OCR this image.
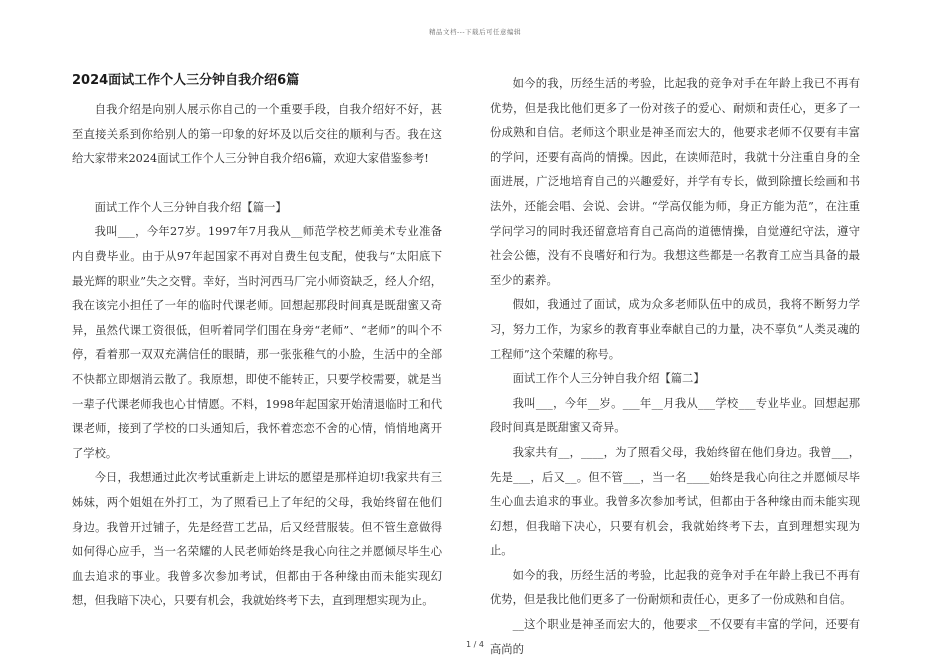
精品文档---下载后可任意编辑
2024面试工作个人三分钟自我介绍6篇

自我介绍是向别人展示你自己的一个重要手段，自我介绍好不好，甚至直接关系到你给别人的第一印象的好坏及以后交往的顺利与否。我在这给大家带来2024面试工作个人三分钟自我介绍6篇，欢迎大家借鉴参考!

面试工作个人三分钟自我介绍【篇一】

我叫___，今年27岁。1997年7月我从__师范学校艺师美术专业准备内自费毕业。由于从97年起国家不再对自费生包支配，使我与“太阳底下最光辉的职业”失之交臂。幸好，当时河西马厂完小师资缺乏，经人介绍，我在该完小担任了一年的临时代课老师。回想起那段时间真是既甜蜜又奇异，虽然代课工资很低，但听着同学们围在身旁“老师”、“老师”的叫个不停，看着那一双双充满信任的眼睛，那一张张稚气的小脸，生活中的全部不快都立即烟消云散了。我原想，即使不能转正，只要学校需要，就是当一辈子代课老师我也心甘情愿。不料，1998年起国家开始清退临时工和代课老师，接到了学校的口头通知后，我怀着恋恋不舍的心情，悄悄地离开了学校。

今日，我想通过此次考试重新走上讲坛的愿望是那样迫切!我家共有三姊妹，两个姐姐在外打工，为了照看已上了年纪的父母，我始终留在他们身边。我曾开过铺子，先是经营工艺品，后又经营服装。但不管生意做得如何得心应手，当一名荣耀的人民老师始终是我心向往之并愿倾尽毕生心血去追求的事业。我曾多次参加考试，但都由于各种缘由而未能实现幻想，但我暗下决心，只要有机会，我就始终考下去，直到理想实现为止。

如今的我，历经生活的考验，比起我的竞争对手在年龄上我已不再有优势，但是我比他们更多了一份对孩子的爱心、耐烦和责任心，更多了一份成熟和自信。老师这个职业是神圣而宏大的，他要求老师不仅要有丰富的学问，还要有高尚的情操。因此，在读师范时，我就十分注重自身的全面进展，广泛地培育自己的兴趣爱好，并学有专长，做到除擅长绘画和书法外，还能会唱、会说、会讲。“学高仅能为师，身正方能为范”，在注重学问学习的同时我还留意培育自己高尚的道德情操，自觉遵纪守法，遵守社会公德，没有不良嗜好和行为。我想这些都是一名教育工应当具备的最至少的素养。

假如，我通过了面试，成为众多老师队伍中的成员，我将不断努力学习，努力工作，为家乡的教育事业奉献自己的力量，决不辜负“人类灵魂的工程师”这个荣耀的称号。

面试工作个人三分钟自我介绍【篇二】

我叫___，今年__岁。___年__月我从___学校___专业毕业。回想起那段时间真是既甜蜜又奇异。

我家共有__，____，为了照看父母，我始终留在他们身边。我曾___，先是___，后又__。但不管___，当一名____始终是我心向往之并愿倾尽毕生心血去追求的事业。我曾多次参加考试，但都由于各种缘由而未能实现幻想，但我暗下决心，只要有机会，我就始终考下去，直到理想实现为止。

如今的我，历经生活的考验，比起我的竞争对手在年龄上我已不再有优势，但是我比他们更多了一份耐烦和责任心，更多了一份成熟和自信。

__这个职业是神圣而宏大的，他要求__不仅要有丰富的学问，还要有高尚的

1 / 4
